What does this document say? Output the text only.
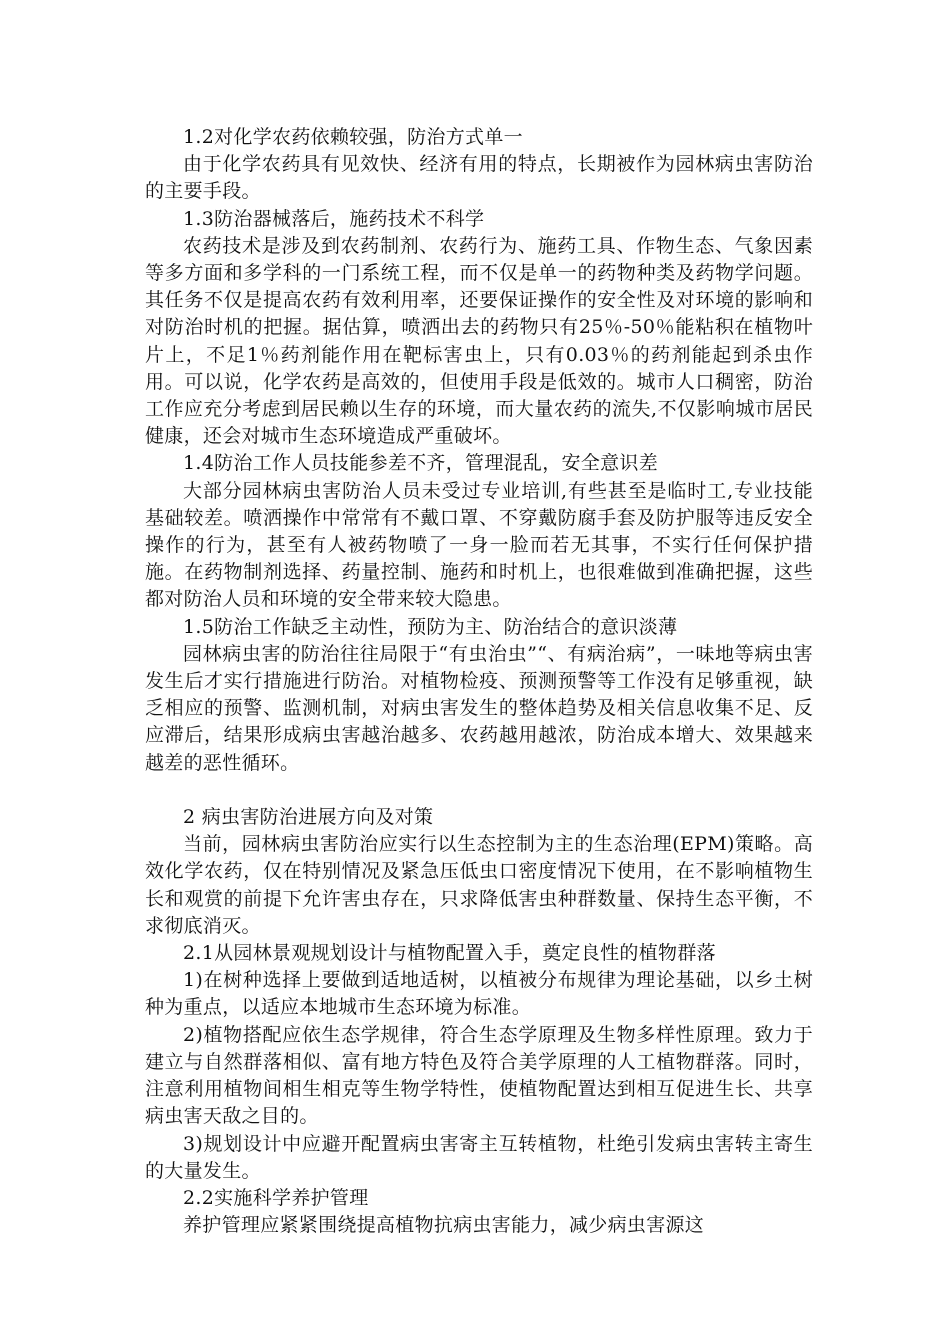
1.2对化学农药依赖较强，防治方式单一

由于化学农药具有见效快、经济有用的特点，长期被作为园林病虫害防治的主要手段。

1.3防治器械落后，施药技术不科学

农药技术是涉及到农药制剂、农药行为、施药工具、作物生态、气象因素等多方面和多学科的一门系统工程，而不仅是单一的药物种类及药物学问题。其任务不仅是提高农药有效利用率，还要保证操作的安全性及对环境的影响和对防治时机的把握。据估算，喷洒出去的药物只有25％-50％能粘积在植物叶片上，不足1％药剂能作用在靶标害虫上，只有0.03％的药剂能起到杀虫作用。可以说，化学农药是高效的，但使用手段是低效的。城市人口稠密，防治工作应充分考虑到居民赖以生存的环境，而大量农药的流失,不仅影响城市居民健康，还会对城市生态环境造成严重破坏。

1.4防治工作人员技能参差不齐，管理混乱，安全意识差

大部分园林病虫害防治人员未受过专业培训,有些甚至是临时工,专业技能基础较差。喷洒操作中常常有不戴口罩、不穿戴防腐手套及防护服等违反安全操作的行为，甚至有人被药物喷了一身一脸而若无其事，不实行任何保护措施。在药物制剂选择、药量控制、施药和时机上，也很难做到准确把握，这些都对防治人员和环境的安全带来较大隐患。

1.5防治工作缺乏主动性，预防为主、防治结合的意识淡薄

园林病虫害的防治往往局限于“有虫治虫”“、有病治病”，一味地等病虫害发生后才实行措施进行防治。对植物检疫、预测预警等工作没有足够重视，缺乏相应的预警、监测机制，对病虫害发生的整体趋势及相关信息收集不足、反应滞后，结果形成病虫害越治越多、农药越用越浓，防治成本增大、效果越来越差的恶性循环。

2 病虫害防治进展方向及对策

当前，园林病虫害防治应实行以生态控制为主的生态治理(EPM)策略。高效化学农药，仅在特别情况及紧急压低虫口密度情况下使用，在不影响植物生长和观赏的前提下允许害虫存在，只求降低害虫种群数量、保持生态平衡，不求彻底消灭。

2.1从园林景观规划设计与植物配置入手，奠定良性的植物群落

1)在树种选择上要做到适地适树，以植被分布规律为理论基础，以乡土树种为重点，以适应本地城市生态环境为标准。

2)植物搭配应依生态学规律，符合生态学原理及生物多样性原理。致力于建立与自然群落相似、富有地方特色及符合美学原理的人工植物群落。同时，注意利用植物间相生相克等生物学特性，使植物配置达到相互促进生长、共享病虫害天敌之目的。

3)规划设计中应避开配置病虫害寄主互转植物，杜绝引发病虫害转主寄生的大量发生。

2.2实施科学养护管理

养护管理应紧紧围绕提高植物抗病虫害能力，减少病虫害源这
